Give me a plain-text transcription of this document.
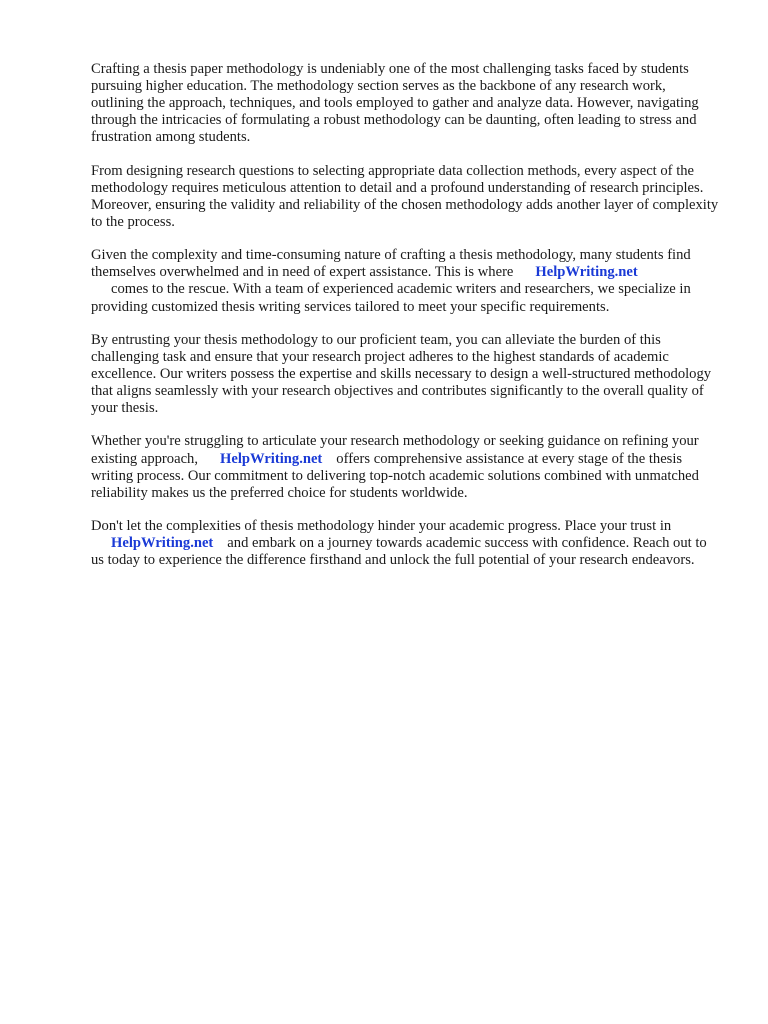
Crafting a thesis paper methodology is undeniably one of the most challenging tasks faced by students pursuing higher education. The methodology section serves as the backbone of any research work, outlining the approach, techniques, and tools employed to gather and analyze data. However, navigating through the intricacies of formulating a robust methodology can be daunting, often leading to stress and frustration among students.

From designing research questions to selecting appropriate data collection methods, every aspect of the methodology requires meticulous attention to detail and a profound understanding of research principles. Moreover, ensuring the validity and reliability of the chosen methodology adds another layer of complexity to the process.

Given the complexity and time-consuming nature of crafting a thesis methodology, many students find themselves overwhelmed and in need of expert assistance. This is where HelpWriting.net
comes to the rescue. With a team of experienced academic writers and researchers, we specialize in providing customized thesis writing services tailored to meet your specific requirements.

By entrusting your thesis methodology to our proficient team, you can alleviate the burden of this challenging task and ensure that your research project adheres to the highest standards of academic excellence. Our writers possess the expertise and skills necessary to design a well-structured methodology that aligns seamlessly with your research objectives and contributes significantly to the overall quality of your thesis.

Whether you're struggling to articulate your research methodology or seeking guidance on refining your existing approach, HelpWriting.net offers comprehensive assistance at every stage of the thesis writing process. Our commitment to delivering top-notch academic solutions combined with unmatched reliability makes us the preferred choice for students worldwide.

Don't let the complexities of thesis methodology hinder your academic progress. Place your trust in
HelpWriting.net and embark on a journey towards academic success with confidence. Reach out to us today to experience the difference firsthand and unlock the full potential of your research endeavors.
